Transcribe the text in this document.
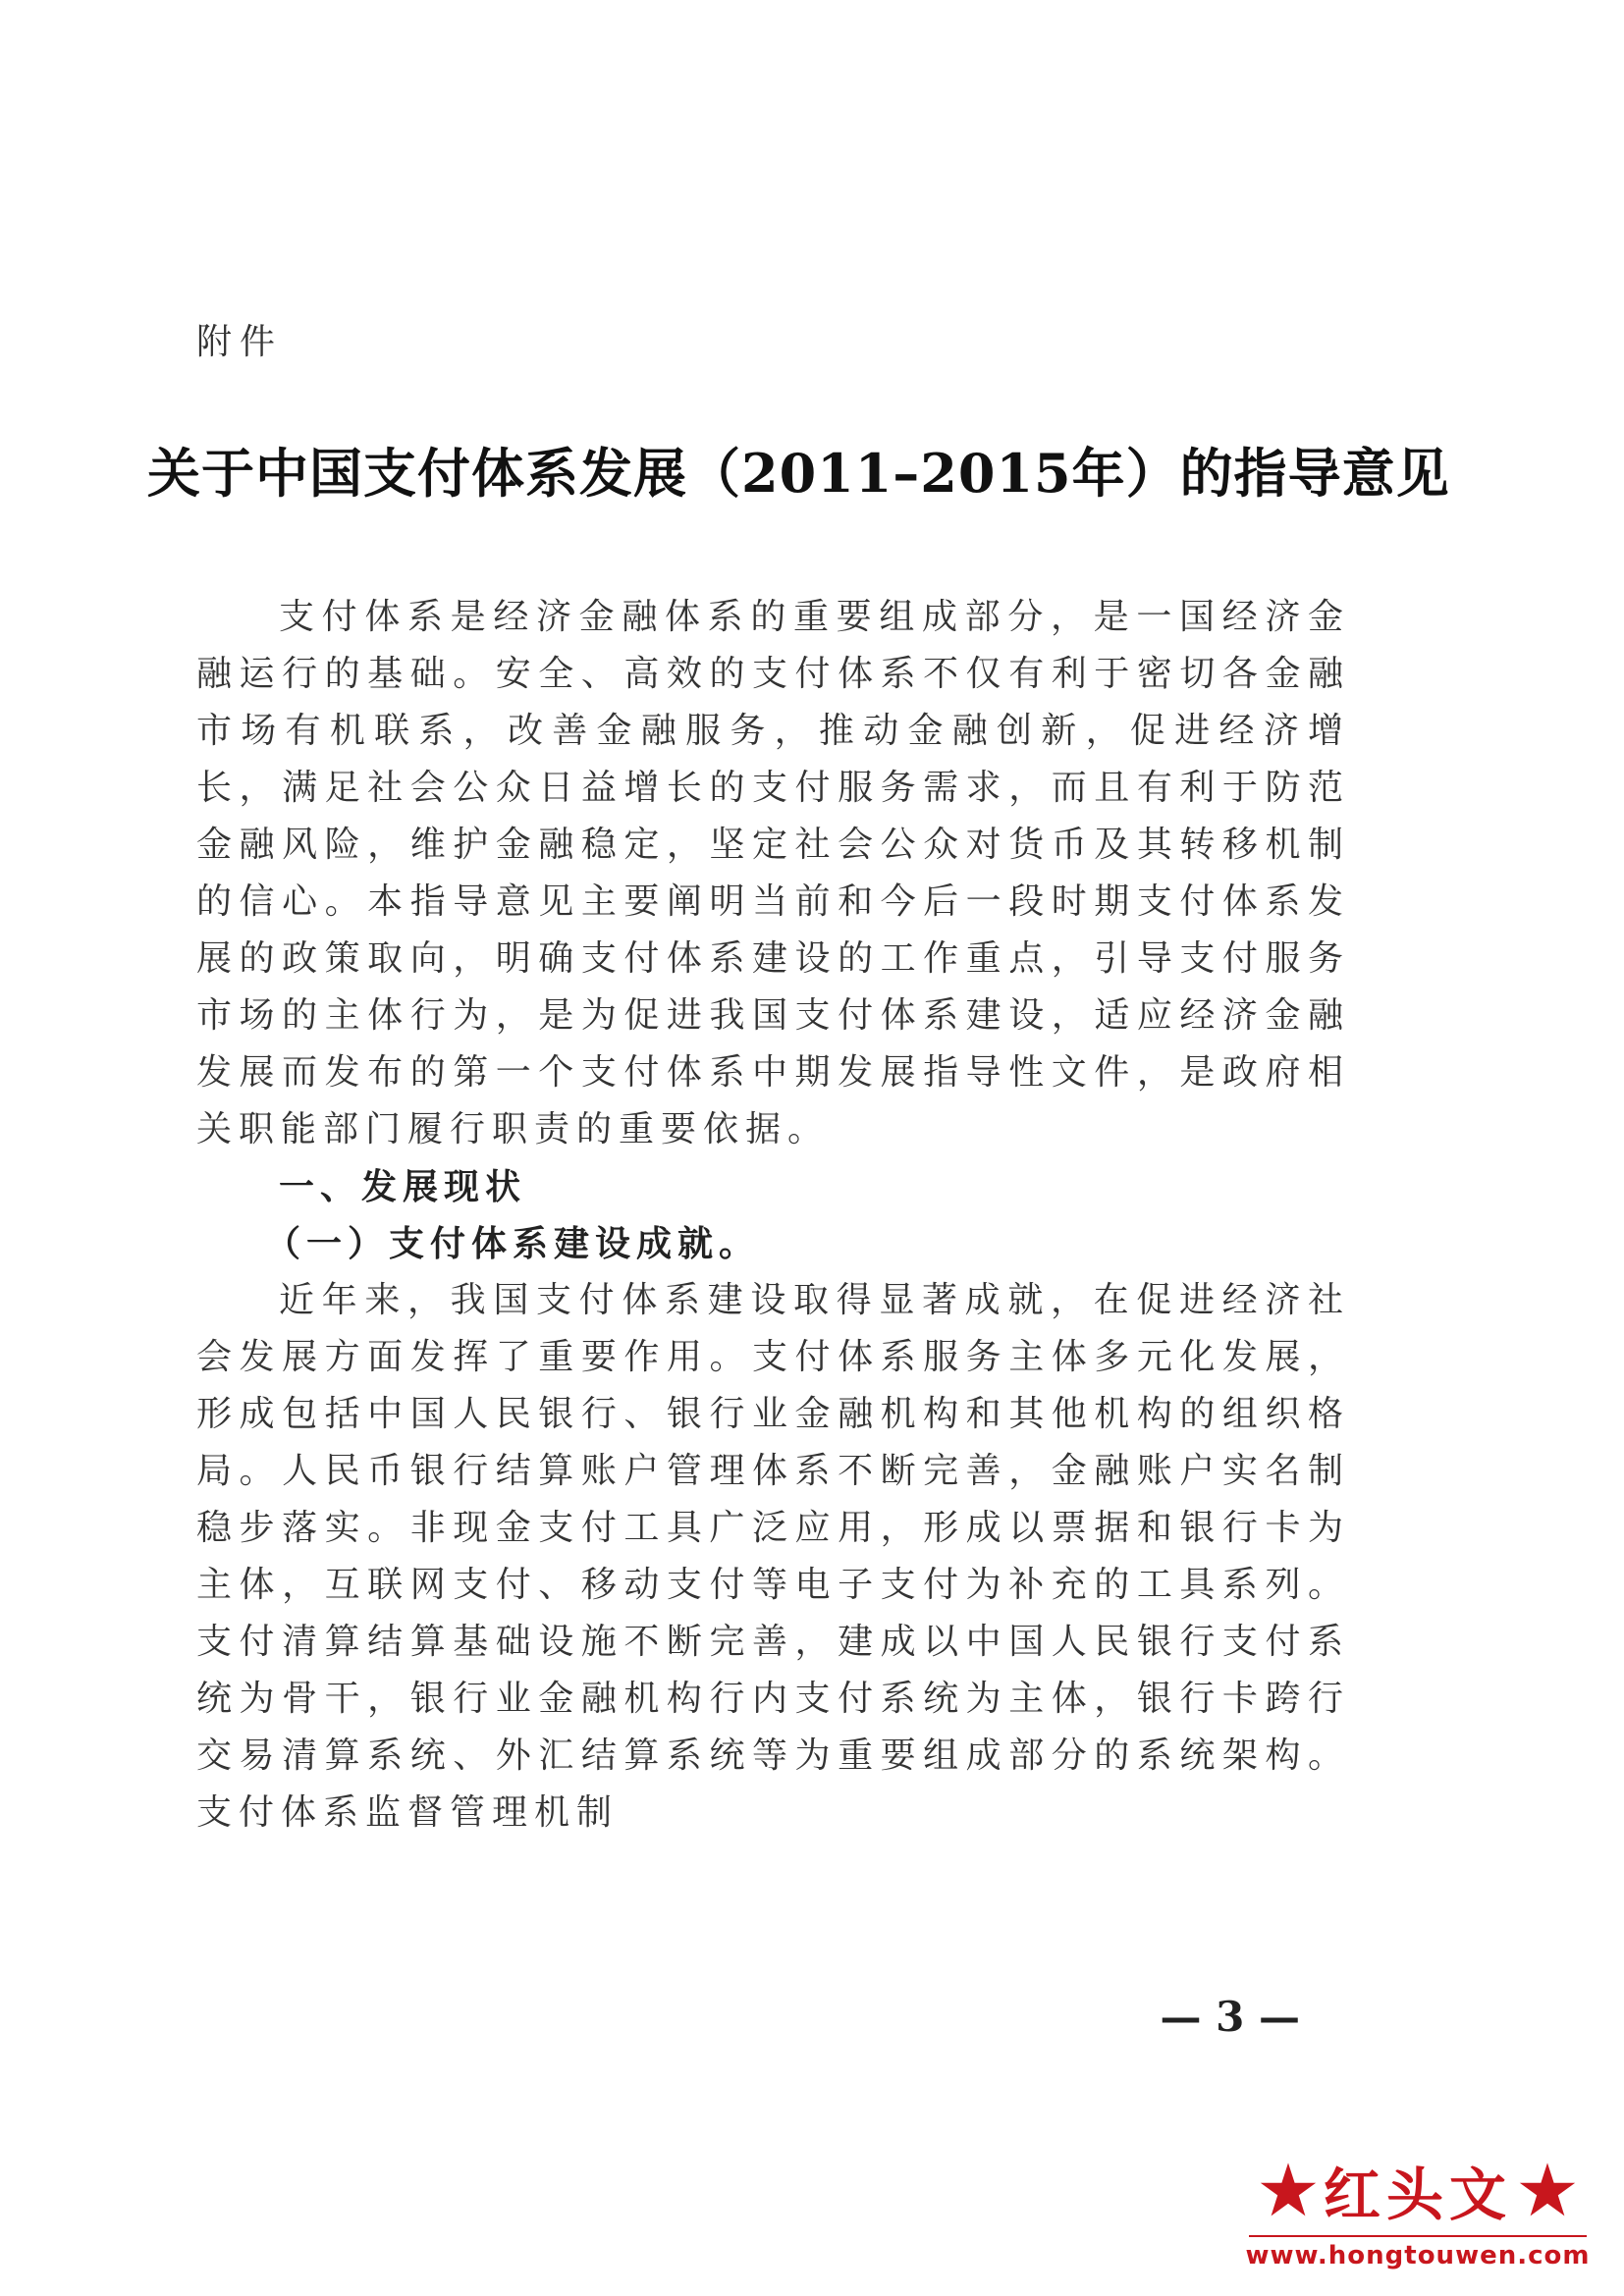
附件
关于中国支付体系发展（2011–2015年）的指导意见

支付体系是经济金融体系的重要组成部分，是一国经济金融运行的基础。安全、高效的支付体系不仅有利于密切各金融市场有机联系，改善金融服务，推动金融创新，促进经济增长，满足社会公众日益增长的支付服务需求，而且有利于防范金融风险，维护金融稳定，坚定社会公众对货币及其转移机制的信心。本指导意见主要阐明当前和今后一段时期支付体系发展的政策取向，明确支付体系建设的工作重点，引导支付服务市场的主体行为，是为促进我国支付体系建设，适应经济金融发展而发布的第一个支付体系中期发展指导性文件，是政府相关职能部门履行职责的重要依据。

一、发展现状

（一）支付体系建设成就。

近年来，我国支付体系建设取得显著成就，在促进经济社会发展方面发挥了重要作用。支付体系服务主体多元化发展，形成包括中国人民银行、银行业金融机构和其他机构的组织格局。人民币银行结算账户管理体系不断完善，金融账户实名制稳步落实。非现金支付工具广泛应用，形成以票据和银行卡为主体，互联网支付、移动支付等电子支付为补充的工具系列。支付清算结算基础设施不断完善，建成以中国人民银行支付系统为骨干，银行业金融机构行内支付系统为主体，银行卡跨行交易清算系统、外汇结算系统等为重要组成部分的系统架构。支付体系监督管理机制

— 3 —
红头文
www.hongtouwen.com
